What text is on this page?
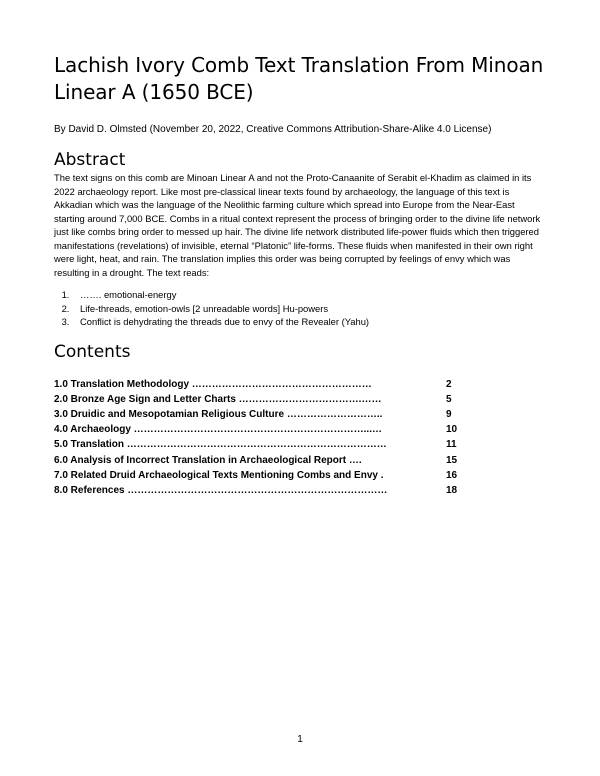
Lachish Ivory Comb Text Translation From Minoan Linear A (1650 BCE)

By David D. Olmsted (November 20, 2022, Creative Commons Attribution-Share-Alike 4.0 License)

Abstract

The text signs on this comb are Minoan Linear A and not the Proto-Canaanite of Serabit el-Khadim as claimed in its 2022 archaeology report. Like most pre-classical linear texts found by archaeology, the language of this text is Akkadian which was the language of the Neolithic farming culture which spread into Europe from the Near-East starting around 7,000 BCE. Combs in a ritual context represent the process of bringing order to the divine life network just like combs bring order to messed up hair. The divine life network distributed life-power fluids which then triggered manifestations (revelations) of invisible, eternal “Platonic” life-forms. These fluids when manifested in their own right were light, heat, and rain. The translation implies this order was being corrupted by feelings of envy which was resulting in a drought. The text reads:

1. ……. emotional-energy
2. Life-threads, emotion-owls [2 unreadable words] Hu-powers
3. Conflict is dehydrating the threads due to envy of the Revealer (Yahu)
Contents
1.0 Translation Methodology ………………………………………………	2
2.0 Bronze Age Sign and Letter Charts ……………………………….……	5
3.0 Druidic and Mesopotamian Religious Culture ………………………..	9
4.0 Archaeology ……………………………………………………………...…	10
5.0 Translation ……………………………………………………………………	11
6.0 Analysis of Incorrect Translation in Archaeological Report ….	15
7.0 Related Druid Archaeological Texts Mentioning Combs and Envy .	16
8.0 References ……………………………………………………………………	18
1
